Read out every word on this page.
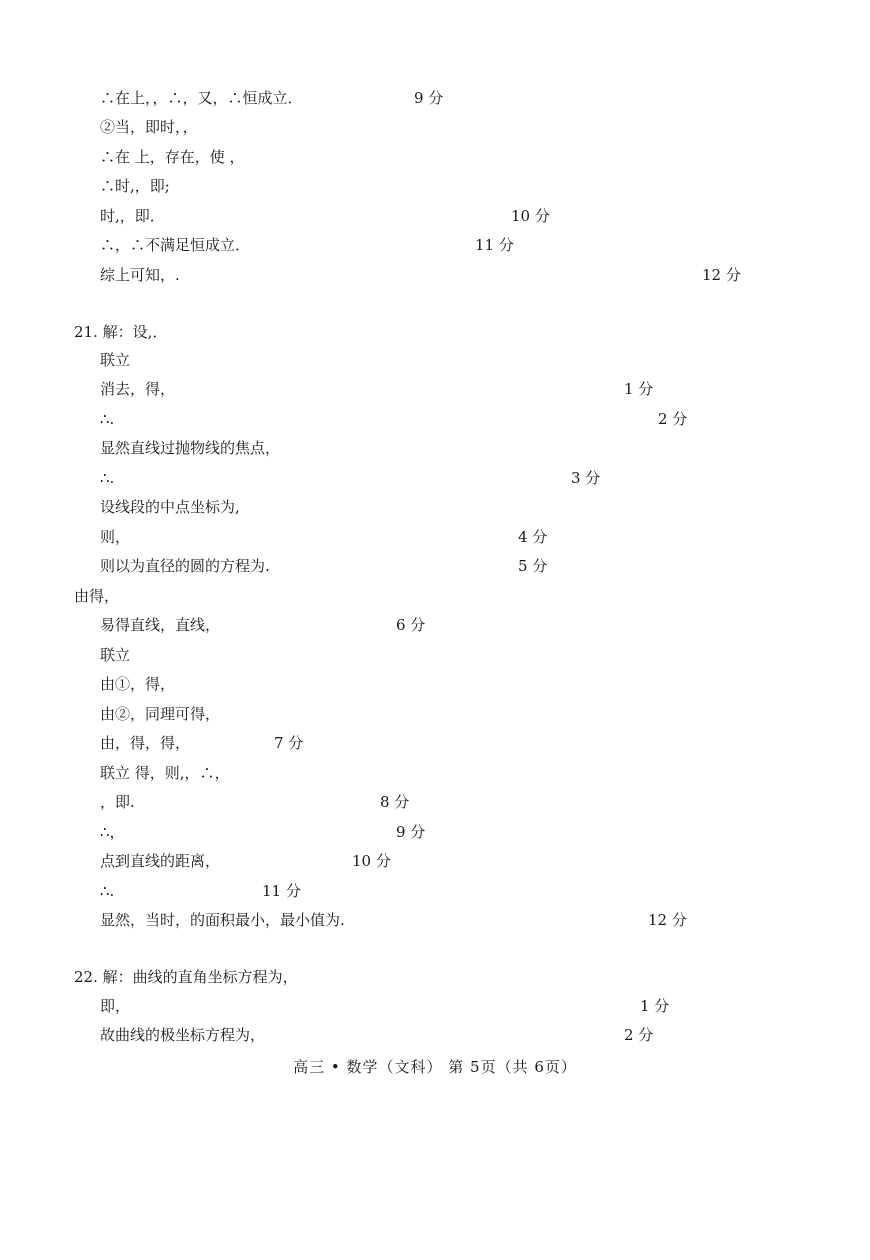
∴在上，，∴，又，∴恒成立．	9 分
②当，即时，，
∴在 上，存在，使 ，
∴时,，即;
时,，即．	10 分
∴，∴不满足恒成立．	11 分
综上可知，.	12 分
21. 解：设,．
联立
消去，得，	1 分
∴.	2 分
显然直线过抛物线的焦点，
∴.	3 分
设线段的中点坐标为,
则，	4 分
则以为直径的圆的方程为.	5 分
由得，
易得直线，直线，	6 分
联立
由①，得，
由②，同理可得，
由，得，得，	7 分
联立 得，则,，∴，
，即.	8 分
∴，	9 分
点到直线的距离，	10 分
∴.	11 分
显然，当时，的面积最小，最小值为.	12 分
22. 解：曲线的直角坐标方程为，
即，	1 分
故曲线的极坐标方程为，	2 分
高三 • 数学（文科） 第 5页（共 6页）
